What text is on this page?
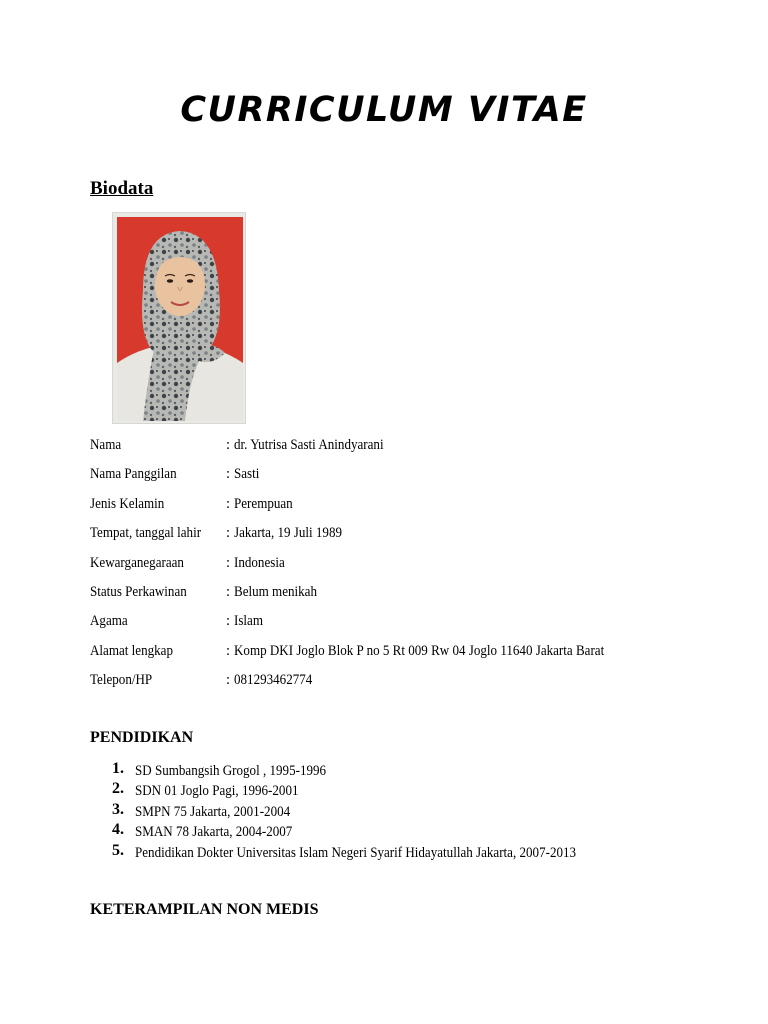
CURRICULUM VITAE
Biodata
Nama	: dr. Yutrisa Sasti Anindyarani
Nama Panggilan	: Sasti
Jenis Kelamin	: Perempuan
Tempat, tanggal lahir : Jakarta, 19 Juli 1989
Kewarganegaraan	: Indonesia
Status Perkawinan	: Belum menikah
Agama	: Islam
Alamat lengkap	: Komp DKI Joglo Blok P no 5 Rt 009 Rw 04 Joglo 11640 Jakarta Barat
Telepon/HP	: 081293462774
PENDIDIKAN
1. SD Sumbangsih Grogol , 1995-1996
2. SDN 01 Joglo Pagi, 1996-2001
3. SMPN 75 Jakarta, 2001-2004
4. SMAN 78 Jakarta, 2004-2007
5. Pendidikan Dokter Universitas Islam Negeri Syarif Hidayatullah Jakarta, 2007-2013
KETERAMPILAN NON MEDIS
